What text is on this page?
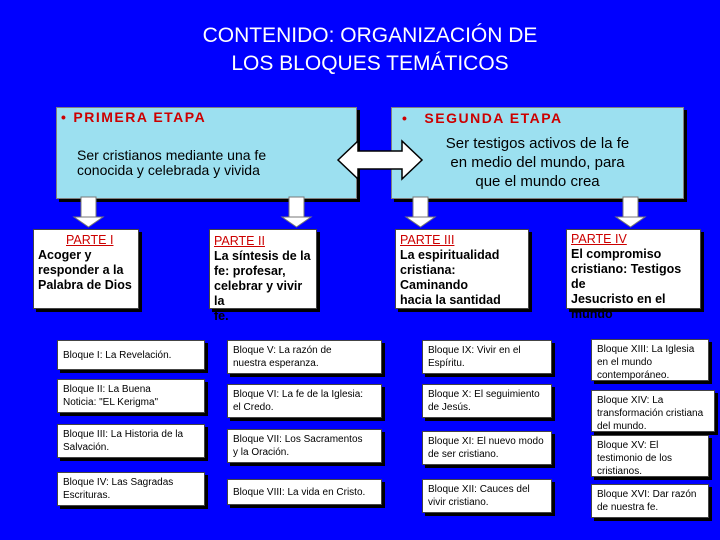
CONTENIDO: ORGANIZACIÓN DE
LOS BLOQUES TEMÁTICOS
• PRIMERA ETAPA
Ser cristianos mediante una fe
conocida y celebrada y vivida
• SEGUNDA ETAPA
Ser testigos activos de la fe
en medio del mundo, para
que el mundo crea
PARTE I
Acoger y
responder a la
Palabra de Dios
PARTE II
La síntesis de la
fe: profesar,
celebrar y vivir la
fe.
PARTE III
La espiritualidad
cristiana: Caminando
hacia la santidad
PARTE IV
El compromiso
cristiano: Testigos de
Jesucristo en el
mundo
Bloque I: La Revelación.
Bloque II: La Buena
Noticia: "EL Kerigma"
Bloque III: La Historia de la
Salvación.
Bloque IV: Las Sagradas
Escrituras.
Bloque V: La razón de
nuestra esperanza.
Bloque VI: La fe de la Iglesia:
el Credo.
Bloque VII: Los Sacramentos
y la Oración.
Bloque VIII: La vida en Cristo.
Bloque IX: Vivir en el
Espíritu.
Bloque X: El seguimiento
de Jesús.
Bloque XI: El nuevo modo
de ser cristiano.
Bloque XII: Cauces del
vivir cristiano.
Bloque XIII: La Iglesia
en el mundo
contemporáneo.
Bloque XIV: La
transformación cristiana
del mundo.
Bloque XV: El
testimonio de los
cristianos.
Bloque XVI: Dar razón
de nuestra fe.
